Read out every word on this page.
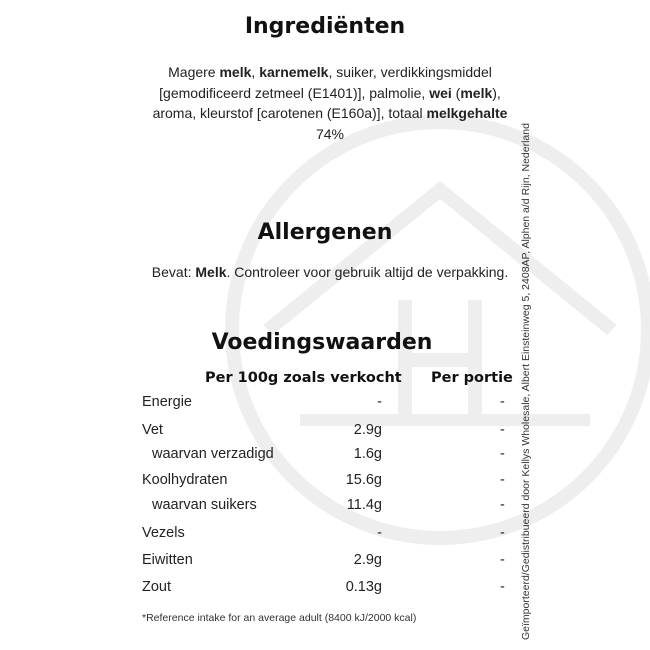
Ingrediënten
Magere melk, karnemelk, suiker, verdikkingsmiddel [gemodificeerd zetmeel (E1401)], palmolie, wei (melk), aroma, kleurstof [carotenen (E160a)], totaal melkgehalte 74%
Allergenen
Bevat: Melk. Controleer voor gebruik altijd de verpakking.
Voedingswaarden
Per 100g zoals verkocht Per portie
Energie	-	-
Vet	2.9g	-
waarvan verzadigd	1.6g	-
Koolhydraten	15.6g	-
waarvan suikers	11.4g	-
Vezels	-	-
Eiwitten	2.9g	-
Zout	0.13g	-
*Reference intake for an average adult (8400 kJ/2000 kcal)	Geïmporteerd/Gedistribueerd door Kellys Wholesale, Albert Einsteinweg 5, 2408AP, Alphen a/d Rijn, Nederland
